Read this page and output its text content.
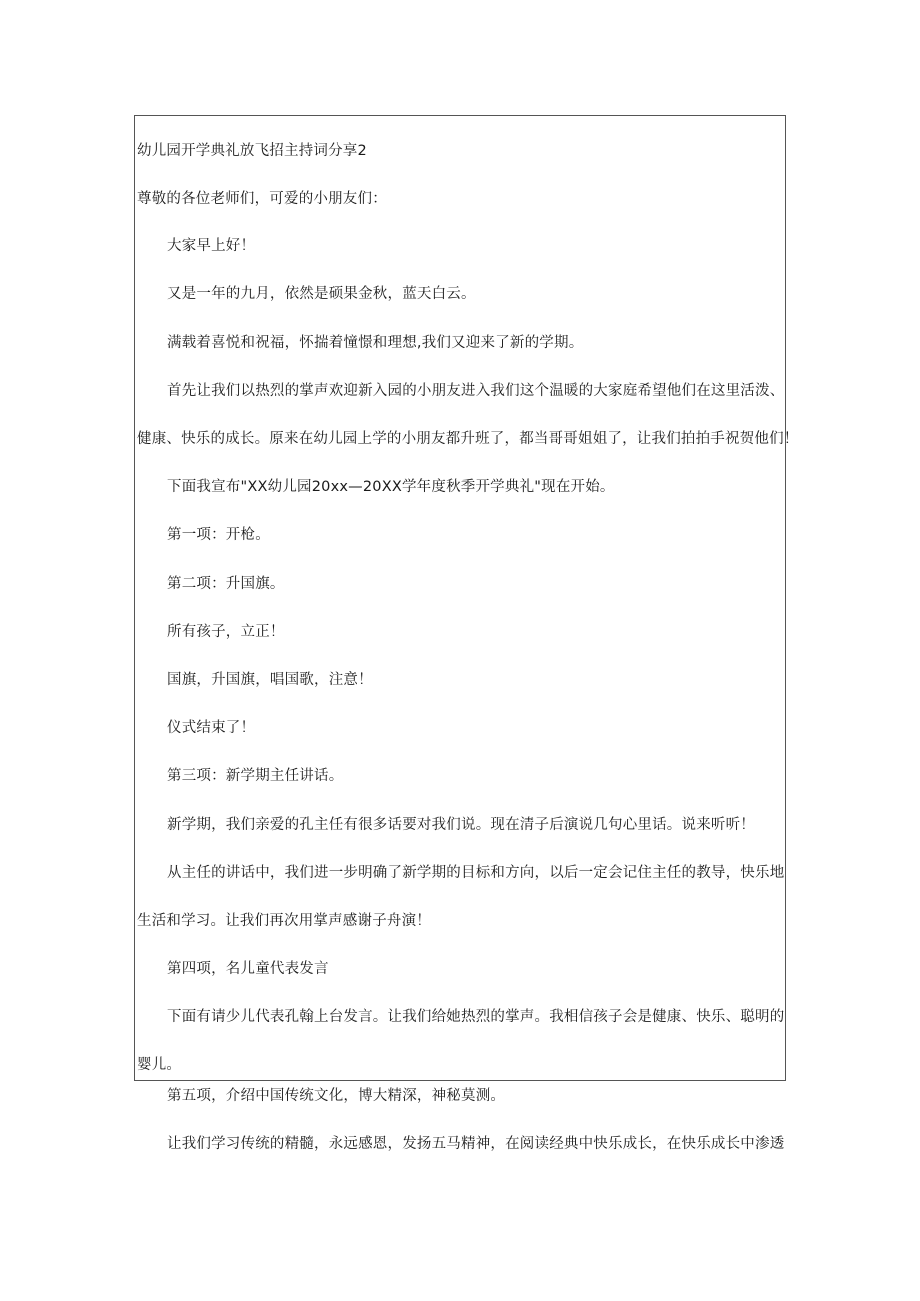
幼儿园开学典礼放飞招主持词分享2
尊敬的各位老师们，可爱的小朋友们：
大家早上好！
又是一年的九月，依然是硕果金秋，蓝天白云。
满载着喜悦和祝福，怀揣着憧憬和理想,我们又迎来了新的学期。
首先让我们以热烈的掌声欢迎新入园的小朋友进入我们这个温暖的大家庭希望他们在这里活泼、
健康、快乐的成长。原来在幼儿园上学的小朋友都升班了，都当哥哥姐姐了，让我们拍拍手祝贺他们！
下面我宣布"XX幼儿园20xx—20XX学年度秋季开学典礼"现在开始。
第一项：开枪。
第二项：升国旗。
所有孩子，立正！
国旗，升国旗，唱国歌，注意！
仪式结束了！
第三项：新学期主任讲话。
新学期，我们亲爱的孔主任有很多话要对我们说。现在清子后演说几句心里话。说来听听！
从主任的讲话中，我们进一步明确了新学期的目标和方向，以后一定会记住主任的教导，快乐地
生活和学习。让我们再次用掌声感谢子舟演！
第四项，名儿童代表发言
下面有请少儿代表孔翰上台发言。让我们给她热烈的掌声。我相信孩子会是健康、快乐、聪明的
婴儿。
第五项，介绍中国传统文化，博大精深，神秘莫测。
让我们学习传统的精髓，永远感恩，发扬五马精神，在阅读经典中快乐成长，在快乐成长中渗透
